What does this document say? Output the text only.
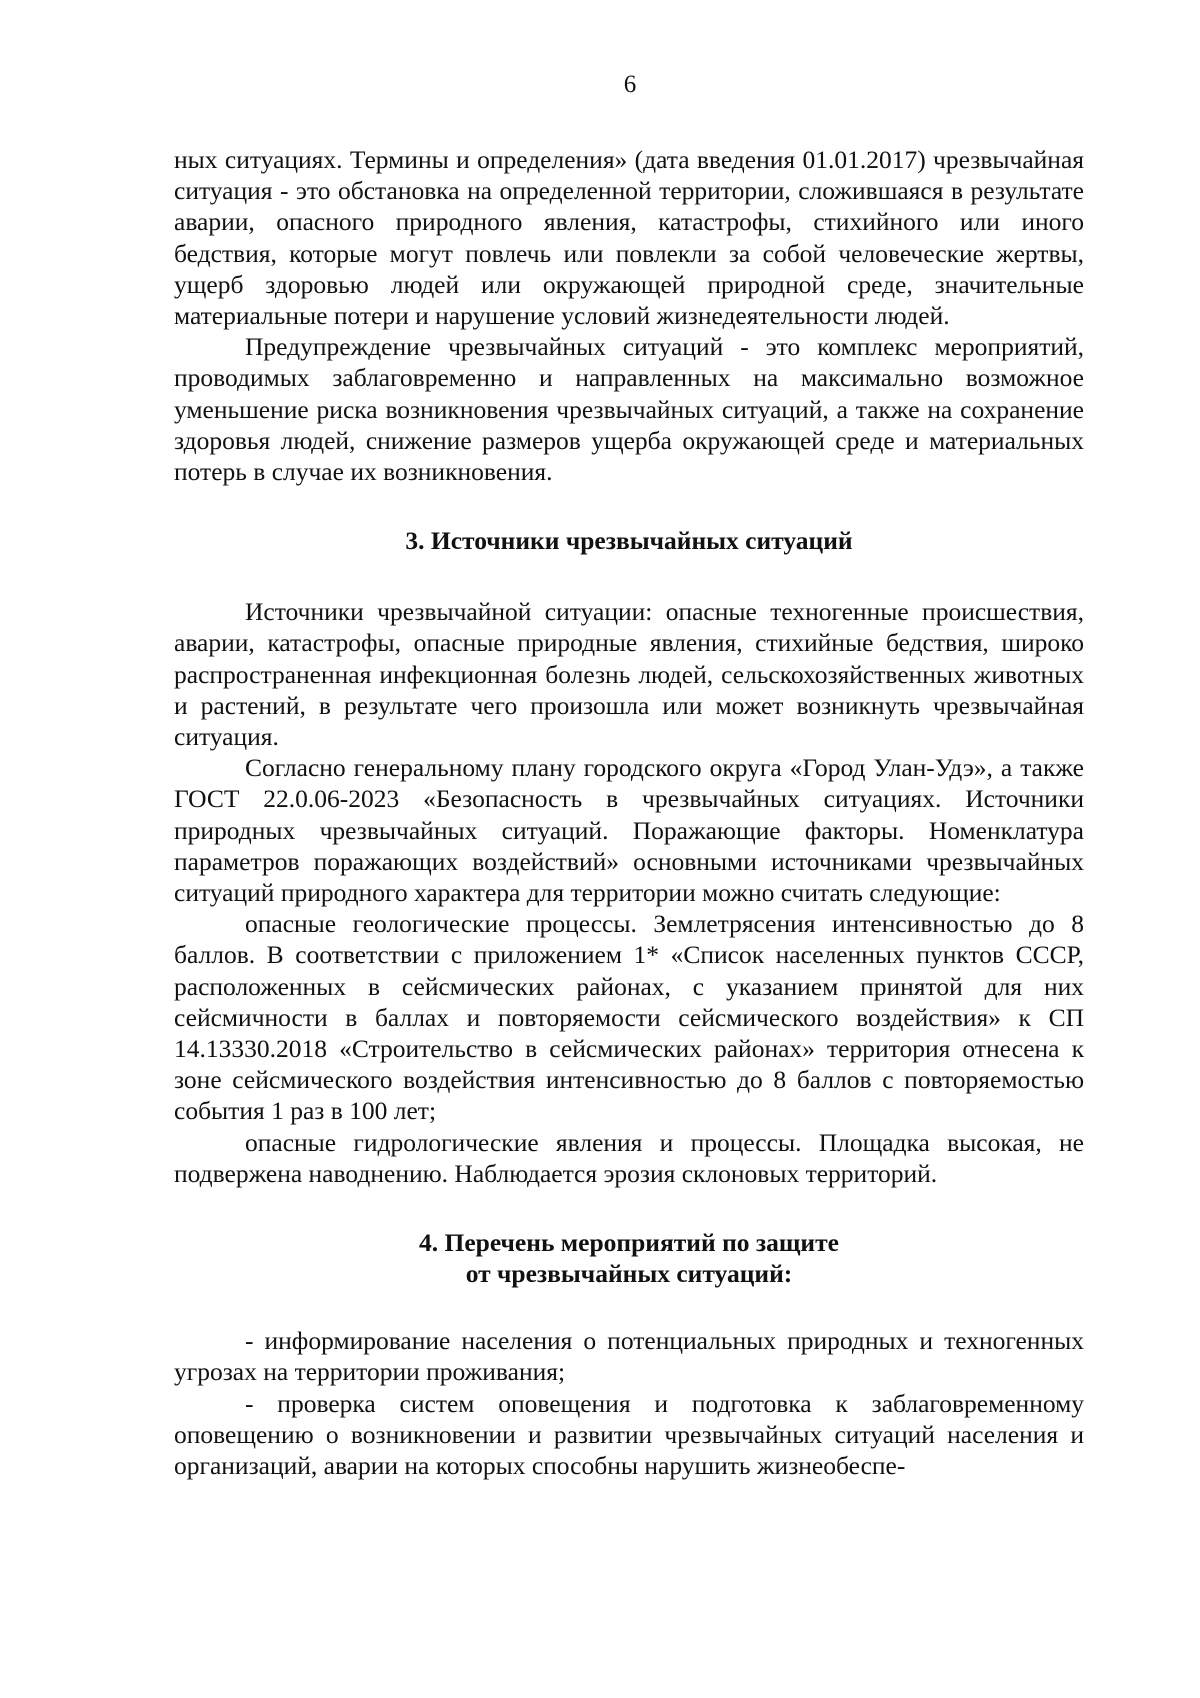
6

ных ситуациях. Термины и определения» (дата введения 01.01.2017) чрезвычайная ситуация - это обстановка на определенной территории, сложившаяся в результате аварии, опасного природного явления, катастрофы, стихийного или иного бедствия, которые могут повлечь или повлекли за собой человеческие жертвы, ущерб здоровью людей или окружающей природной среде, значительные материальные потери и нарушение условий жизнедеятельности людей.

Предупреждение чрезвычайных ситуаций - это комплекс мероприятий, проводимых заблаговременно и направленных на максимально возможное уменьшение риска возникновения чрезвычайных ситуаций, а также на сохранение здоровья людей, снижение размеров ущерба окружающей среде и материальных потерь в случае их возникновения.

3. Источники чрезвычайных ситуаций

Источники чрезвычайной ситуации: опасные техногенные происшествия, аварии, катастрофы, опасные природные явления, стихийные бедствия, широко распространенная инфекционная болезнь людей, сельскохозяйственных животных и растений, в результате чего произошла или может возникнуть чрезвычайная ситуация.

Согласно генеральному плану городского округа «Город Улан-Удэ», а также ГОСТ 22.0.06-2023 «Безопасность в чрезвычайных ситуациях. Источники природных чрезвычайных ситуаций. Поражающие факторы. Номенклатура параметров поражающих воздействий» основными источниками чрезвычайных ситуаций природного характера для территории можно считать следующие:

опасные геологические процессы. Землетрясения интенсивностью до 8 баллов. В соответствии с приложением 1* «Список населенных пунктов СССР, расположенных в сейсмических районах, с указанием принятой для них сейсмичности в баллах и повторяемости сейсмического воздействия» к СП 14.13330.2018 «Строительство в сейсмических районах» территория отнесена к зоне сейсмического воздействия интенсивностью до 8 баллов с повторяемостью события 1 раз в 100 лет;

опасные гидрологические явления и процессы. Площадка высокая, не подвержена наводнению. Наблюдается эрозия склоновых территорий.

4. Перечень мероприятий по защите
от чрезвычайных ситуаций:

- информирование населения о потенциальных природных и техногенных угрозах на территории проживания;

- проверка систем оповещения и подготовка к заблаговременному оповещению о возникновении и развитии чрезвычайных ситуаций населения и организаций, аварии на которых способны нарушить жизнеобеспе-
